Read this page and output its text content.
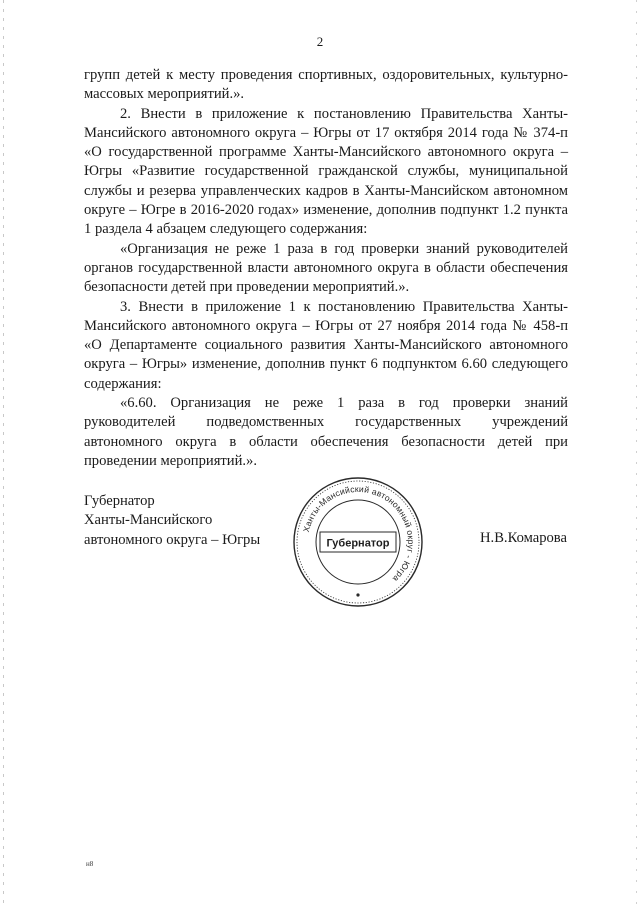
2

групп детей к месту проведения спортивных, оздоровительных, культурно-массовых мероприятий.».

2. Внести в приложение к постановлению Правительства Ханты-Мансийского автономного округа – Югры от 17 октября 2014 года № 374-п «О государственной программе Ханты-Мансийского автономного округа – Югры «Развитие государственной гражданской службы, муниципальной службы и резерва управленческих кадров в Ханты-Мансийском автономном округе – Югре в 2016-2020 годах» изменение, дополнив подпункт 1.2 пункта 1 раздела 4 абзацем следующего содержания:

«Организация не реже 1 раза в год проверки знаний руководителей органов государственной власти автономного округа в области обеспечения безопасности детей при проведении мероприятий.».

3. Внести в приложение 1 к постановлению Правительства Ханты-Мансийского автономного округа – Югры от 27 ноября 2014 года № 458-п «О Департаменте социального развития Ханты-Мансийского автономного округа – Югры» изменение, дополнив пункт 6 подпунктом 6.60 следующего содержания:

«6.60. Организация не реже 1 раза в год проверки знаний руководителей подведомственных государственных учреждений автономного округа в области обеспечения безопасности детей при проведении мероприятий.».

Губернатор
Ханты-Мансийского
автономного округа – Югры
Ханты-Мансийский автономный округ - Югра
Губернатор	Н.В.Комарова
н8
